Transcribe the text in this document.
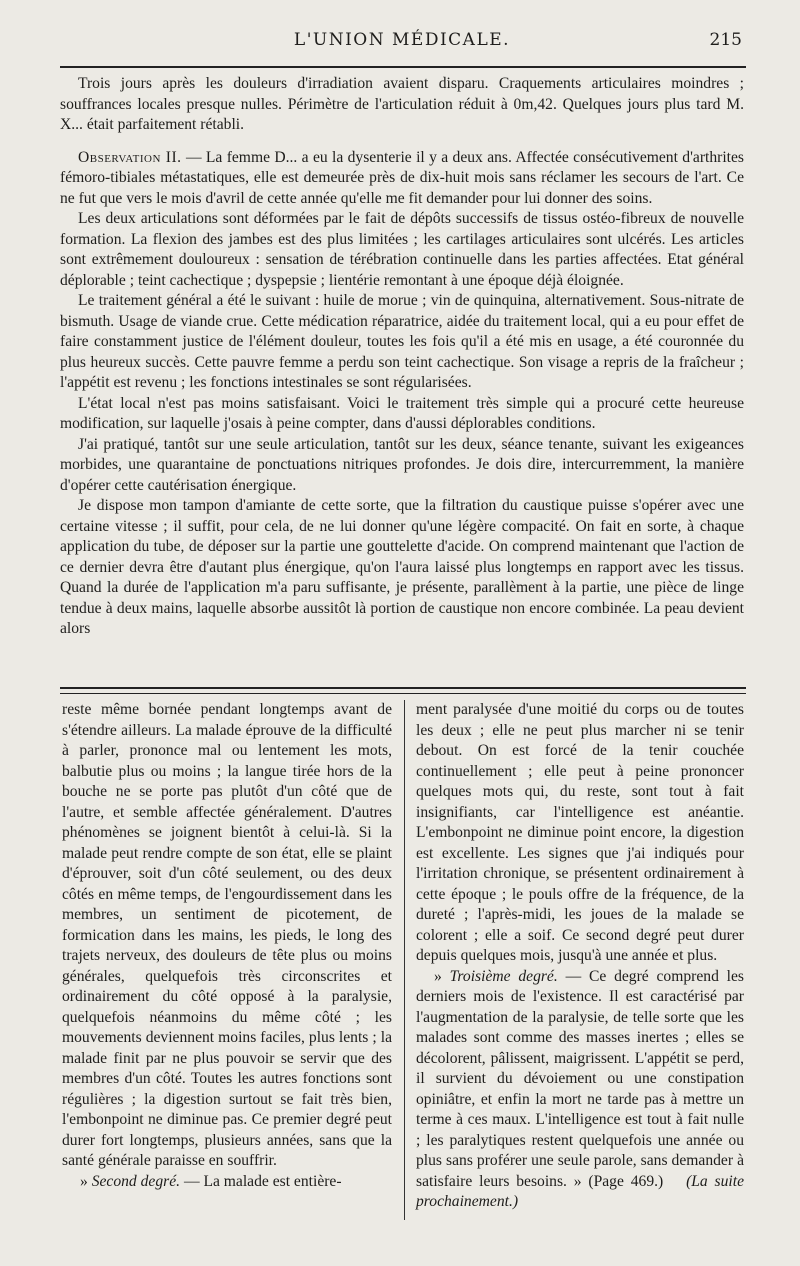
L'UNION MÉDICALE.	215

Trois jours après les douleurs d'irradiation avaient disparu. Craquements articulaires moindres ; souffrances locales presque nulles. Périmètre de l'articulation réduit à 0m,42. Quelques jours plus tard M. X... était parfaitement rétabli.

Observation II. — La femme D... a eu la dysenterie il y a deux ans. Affectée consécutivement d'arthrites fémoro-tibiales métastatiques, elle est demeurée près de dix-huit mois sans réclamer les secours de l'art. Ce ne fut que vers le mois d'avril de cette année qu'elle me fit demander pour lui donner des soins.

Les deux articulations sont déformées par le fait de dépôts successifs de tissus ostéo-fibreux de nouvelle formation. La flexion des jambes est des plus limitées ; les cartilages articulaires sont ulcérés. Les articles sont extrêmement douloureux : sensation de térébration continuelle dans les parties affectées. Etat général déplorable ; teint cachectique ; dyspepsie ; lientérie remontant à une époque déjà éloignée.

Le traitement général a été le suivant : huile de morue ; vin de quinquina, alternativement. Sous-nitrate de bismuth. Usage de viande crue. Cette médication réparatrice, aidée du traitement local, qui a eu pour effet de faire constamment justice de l'élément douleur, toutes les fois qu'il a été mis en usage, a été couronnée du plus heureux succès. Cette pauvre femme a perdu son teint cachectique. Son visage a repris de la fraîcheur ; l'appétit est revenu ; les fonctions intestinales se sont régularisées.

L'état local n'est pas moins satisfaisant. Voici le traitement très simple qui a procuré cette heureuse modification, sur laquelle j'osais à peine compter, dans d'aussi déplorables conditions.

J'ai pratiqué, tantôt sur une seule articulation, tantôt sur les deux, séance tenante, suivant les exigeances morbides, une quarantaine de ponctuations nitriques profondes. Je dois dire, intercurremment, la manière d'opérer cette cautérisation énergique.

Je dispose mon tampon d'amiante de cette sorte, que la filtration du caustique puisse s'opérer avec une certaine vitesse ; il suffit, pour cela, de ne lui donner qu'une légère compacité. On fait en sorte, à chaque application du tube, de déposer sur la partie une gouttelette d'acide. On comprend maintenant que l'action de ce dernier devra être d'autant plus énergique, qu'on l'aura laissé plus longtemps en rapport avec les tissus. Quand la durée de l'application m'a paru suffisante, je présente, parallèment à la partie, une pièce de linge tendue à deux mains, laquelle absorbe aussitôt là portion de caustique non encore combinée. La peau devient alors

reste même bornée pendant longtemps avant de s'étendre ailleurs. La malade éprouve de la difficulté à parler, prononce mal ou lentement les mots, balbutie plus ou moins ; la langue tirée hors de la bouche ne se porte pas plutôt d'un côté que de l'autre, et semble affectée généralement. D'autres phénomènes se joignent bientôt à celui-là. Si la malade peut rendre compte de son état, elle se plaint d'éprouver, soit d'un côté seulement, ou des deux côtés en même temps, de l'engourdissement dans les membres, un sentiment de picotement, de formication dans les mains, les pieds, le long des trajets nerveux, des douleurs de tête plus ou moins générales, quelquefois très circonscrites et ordinairement du côté opposé à la paralysie, quelquefois néanmoins du même côté ; les mouvements deviennent moins faciles, plus lents ; la malade finit par ne plus pouvoir se servir que des membres d'un côté. Toutes les autres fonctions sont régulières ; la digestion surtout se fait très bien, l'embonpoint ne diminue pas. Ce premier degré peut durer fort longtemps, plusieurs années, sans que la santé générale paraisse en souffrir.

» Second degré. — La malade est entière-

ment paralysée d'une moitié du corps ou de toutes les deux ; elle ne peut plus marcher ni se tenir debout. On est forcé de la tenir couchée continuellement ; elle peut à peine prononcer quelques mots qui, du reste, sont tout à fait insignifiants, car l'intelligence est anéantie. L'embonpoint ne diminue point encore, la digestion est excellente. Les signes que j'ai indiqués pour l'irritation chronique, se présentent ordinairement à cette époque ; le pouls offre de la fréquence, de la dureté ; l'après-midi, les joues de la malade se colorent ; elle a soif. Ce second degré peut durer depuis quelques mois, jusqu'à une année et plus.

» Troisième degré. — Ce degré comprend les derniers mois de l'existence. Il est caractérisé par l'augmentation de la paralysie, de telle sorte que les malades sont comme des masses inertes ; elles se décolorent, pâlissent, maigrissent. L'appétit se perd, il survient du dévoiement ou une constipation opiniâtre, et enfin la mort ne tarde pas à mettre un terme à ces maux. L'intelligence est tout à fait nulle ; les paralytiques restent quelquefois une année ou plus sans proférer une seule parole, sans demander à satisfaire leurs besoins. » (Page 469.) (La suite prochainement.)
